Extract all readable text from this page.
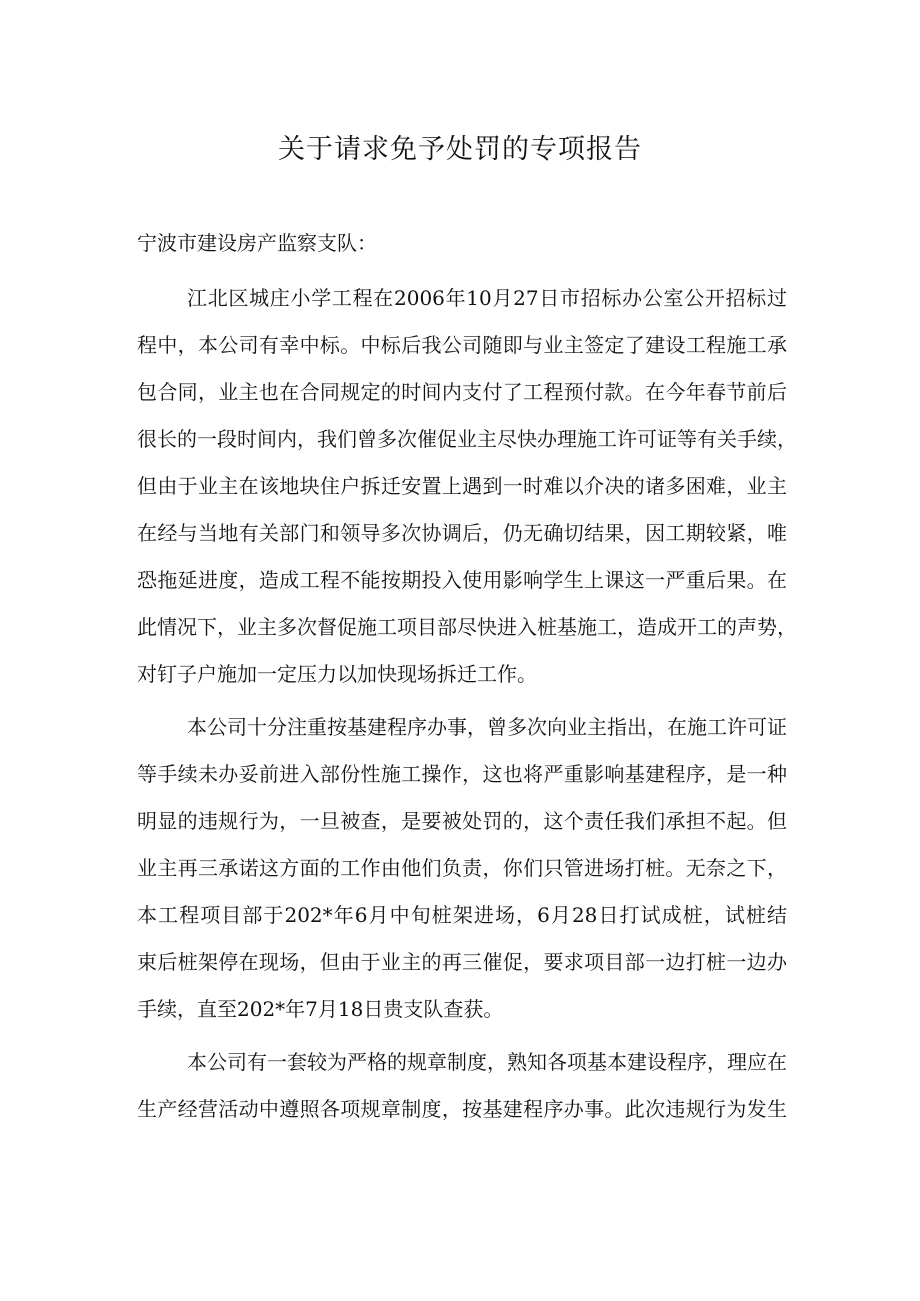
关于请求免予处罚的专项报告
宁波市建设房产监察支队：
江北区城庄小学工程在2006年10月27日市招标办公室公开招标过
程中，本公司有幸中标。中标后我公司随即与业主签定了建设工程施工承
包合同，业主也在合同规定的时间内支付了工程预付款。在今年春节前后
很长的一段时间内，我们曾多次催促业主尽快办理施工许可证等有关手续，
但由于业主在该地块住户拆迁安置上遇到一时难以介决的诸多困难，业主
在经与当地有关部门和领导多次协调后，仍无确切结果，因工期较紧，唯
恐拖延进度，造成工程不能按期投入使用影响学生上课这一严重后果。在
此情况下，业主多次督促施工项目部尽快进入桩基施工，造成开工的声势，
对钉子户施加一定压力以加快现场拆迁工作。
本公司十分注重按基建程序办事，曾多次向业主指出，在施工许可证
等手续未办妥前进入部份性施工操作，这也将严重影响基建程序，是一种
明显的违规行为，一旦被查，是要被处罚的，这个责任我们承担不起。但
业主再三承诺这方面的工作由他们负责，你们只管进场打桩。无奈之下，
本工程项目部于202*年6月中旬桩架进场，6月28日打试成桩，试桩结
束后桩架停在现场，但由于业主的再三催促，要求项目部一边打桩一边办
手续，直至202*年7月18日贵支队查获。
本公司有一套较为严格的规章制度，熟知各项基本建设程序，理应在
生产经营活动中遵照各项规章制度，按基建程序办事。此次违规行为发生
